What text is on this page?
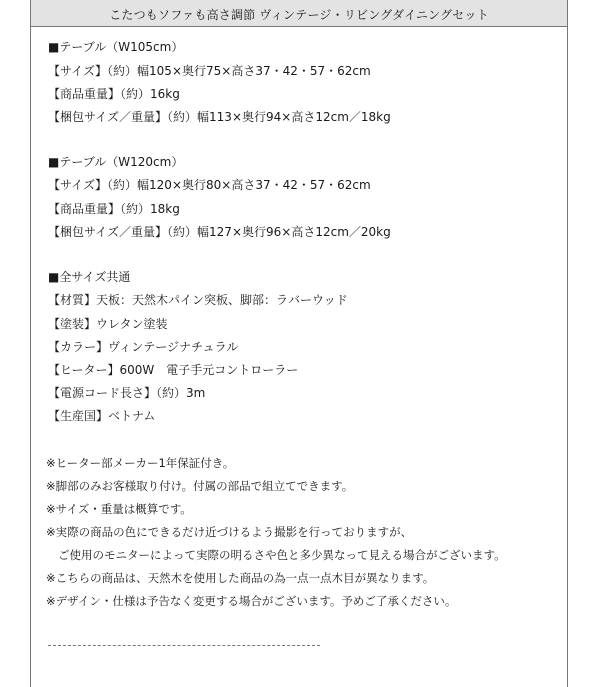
こたつもソファも高さ調節 ヴィンテージ・リビングダイニングセット
■テーブル（W105cm）
【サイズ】（約）幅105×奥行75×高さ37・42・57・62cm
【商品重量】（約）16kg
【梱包サイズ／重量】（約）幅113×奥行94×高さ12cm／18kg
■テーブル（W120cm）
【サイズ】（約）幅120×奥行80×高さ37・42・57・62cm
【商品重量】（約）18kg
【梱包サイズ／重量】（約）幅127×奥行96×高さ12cm／20kg
■全サイズ共通
【材質】天板：天然木パイン突板、脚部：ラバーウッド
【塗装】ウレタン塗装
【カラー】ヴィンテージナチュラル
【ヒーター】600W　電子手元コントローラー
【電源コード長さ】（約）3m
【生産国】ベトナム
※ヒーター部メーカー1年保証付き。
※脚部のみお客様取り付け。付属の部品で組立てできます。
※サイズ・重量は概算です。
※実際の商品の色にできるだけ近づけるよう撮影を行っておりますが、
ご使用のモニターによって実際の明るさや色と多少異なって見える場合がございます。
※こちらの商品は、天然木を使用した商品の為一点一点木目が異なります。
※デザイン・仕様は予告なく変更する場合がございます。予めご了承ください。
